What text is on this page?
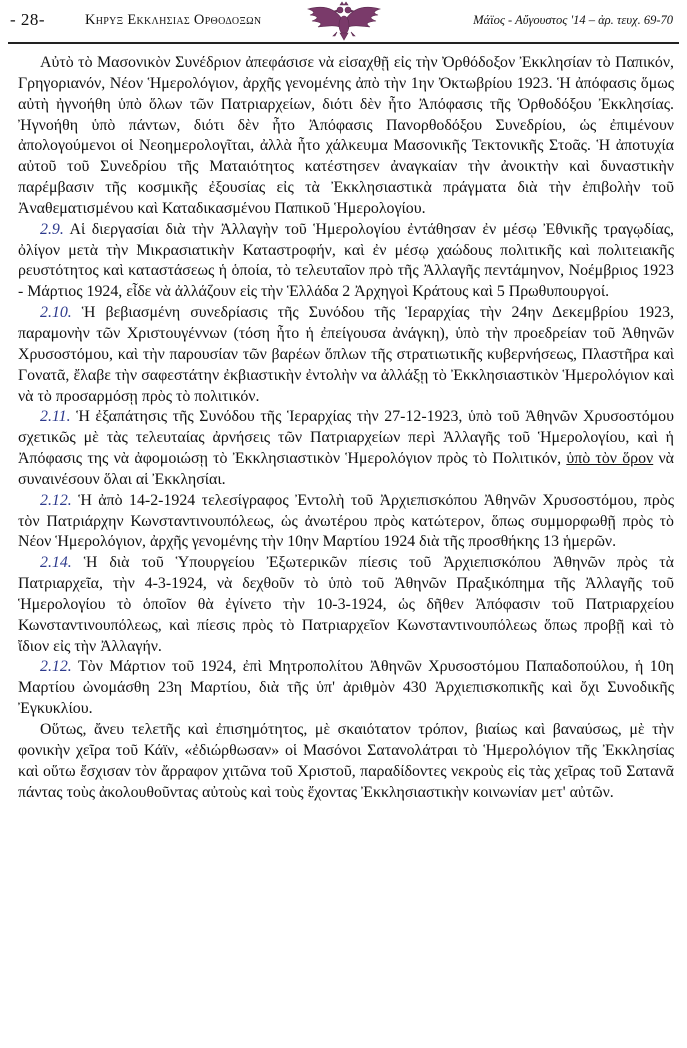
- 28-	Κηρυξ Εκκλησιας Ορθοδοξων	Μάϊος - Αὔγουστος '14 – ἀρ. τευχ. 69-70

Αὐτὸ τὸ Μασονικὸν Συνέδριον ἀπεφάσισε νὰ εἰσαχθῇ εἰς τὴν Ὀρθόδοξον Ἐκκλησίαν τὸ Παπικόν, Γρηγοριανόν, Νέον Ἡμερολόγιον, ἀρχῆς γενομένης ἀπὸ τὴν 1ην Ὀκτωβρίου 1923. Ἡ ἀπόφασις ὅμως αὐτὴ ἠγνοήθη ὑπὸ ὅλων τῶν Πατριαρχείων, διότι δὲν ἦτο Ἀπόφασις τῆς Ὀρθοδόξου Ἐκκλησίας. Ἠγνοήθη ὑπὸ πάντων, διότι δὲν ἦτο Ἀπόφασις Πανορθοδόξου Συνεδρίου, ὡς ἐπιμένουν ἀπολογούμενοι οἱ Νεοημερολογῖται, ἀλλὰ ἦτο χάλκευμα Μασονικῆς Τεκτονικῆς Στοᾶς. Ἡ ἀποτυχία αὐτοῦ τοῦ Συνεδρίου τῆς Ματαιότητος κατέστησεν ἀναγκαίαν τὴν ἀνοικτὴν καὶ δυναστικὴν παρέμβασιν τῆς κοσμικῆς ἐξουσίας εἰς τὰ Ἐκκλησιαστικὰ πράγματα διὰ τὴν ἐπιβολὴν τοῦ Ἀναθεματισμένου καὶ Καταδικασμένου Παπικοῦ Ἡμερολογίου.

2.9. Αἱ διεργασίαι διὰ τὴν Ἀλλαγὴν τοῦ Ἡμερολογίου ἐντάθησαν ἐν μέσῳ Ἐθνικῆς τραγῳδίας, ὀλίγον μετὰ τὴν Μικρασιατικὴν Καταστροφήν, καὶ ἐν μέσῳ χαώδους πολιτικῆς καὶ πολιτειακῆς ρευστότητος καὶ καταστάσεως ἡ ὁποία, τὸ τελευταῖον πρὸ τῆς Ἀλλαγῆς πεντάμηνον, Νοέμβριος 1923 - Μάρτιος 1924, εἶδε νὰ ἀλλάζουν εἰς τὴν Ἑλλάδα 2 Ἀρχηγοὶ Κράτους καὶ 5 Πρωθυπουργοί.

2.10. Ἡ βεβιασμένη συνεδρίασις τῆς Συνόδου τῆς Ἱεραρχίας τὴν 24ην Δεκεμβρίου 1923, παραμονὴν τῶν Χριστουγέννων (τόση ἦτο ἡ ἐπείγουσα ἀνάγκη), ὑπὸ τὴν προεδρείαν τοῦ Ἀθηνῶν Χρυσοστόμου, καὶ τὴν παρουσίαν τῶν βαρέων ὅπλων τῆς στρατιωτικῆς κυβερνήσεως, Πλαστῆρα καὶ Γονατᾶ, ἔλαβε τὴν σαφεστάτην ἐκβιαστικὴν ἐντολὴν να ἀλλάξῃ τὸ Ἐκκλησιαστικὸν Ἡμερολόγιον καὶ νὰ τὸ προσαρμόσῃ πρὸς τὸ πολιτικόν.

2.11. Ἡ ἐξαπάτησις τῆς Συνόδου τῆς Ἱεραρχίας τὴν 27-12-1923, ὑπὸ τοῦ Ἀθηνῶν Χρυσοστόμου σχετικῶς μὲ τὰς τελευταίας ἀρνήσεις τῶν Πατριαρχείων περὶ Ἀλλαγῆς τοῦ Ἡμερολογίου, καὶ ἡ Ἀπόφασις της νὰ ἀφομοιώσῃ τὸ Ἐκκλησιαστικὸν Ἡμερολόγιον πρὸς τὸ Πολιτικόν, ὑπὸ τὸν ὅρον νὰ συναινέσουν ὅλαι αἱ Ἐκκλησίαι.

2.12. Ἡ ἀπὸ 14-2-1924 τελεσίγραφος Ἐντολὴ τοῦ Ἀρχιεπισκόπου Ἀθηνῶν Χρυσοστόμου, πρὸς τὸν Πατριάρχην Κωνσταντινουπόλεως, ὡς ἀνωτέρου πρὸς κατώτερον, ὅπως συμμορφωθῇ πρὸς τὸ Νέον Ἡμερολόγιον, ἀρχῆς γενομένης τὴν 10ην Μαρτίου 1924 διὰ τῆς προσθήκης 13 ἡμερῶν.

2.14. Ἡ διὰ τοῦ Ὑπουργείου Ἐξωτερικῶν πίεσις τοῦ Ἀρχιεπισκόπου Ἀθηνῶν πρὸς τὰ Πατριαρχεῖα, τὴν 4-3-1924, νὰ δεχθοῦν τὸ ὑπὸ τοῦ Ἀθηνῶν Πραξικόπημα τῆς Ἀλλαγῆς τοῦ Ἡμερολογίου τὸ ὁποῖον θὰ ἐγίνετο τὴν 10-3-1924, ὡς δῆθεν Ἀπόφασιν τοῦ Πατριαρχείου Κωνσταντινουπόλεως, καὶ πίεσις πρὸς τὸ Πατριαρχεῖον Κωνσταντινουπόλεως ὅπως προβῇ καὶ τὸ ἴδιον εἰς τὴν Ἀλλαγήν.

2.12. Τὸν Μάρτιον τοῦ 1924, ἐπὶ Μητροπολίτου Ἀθηνῶν Χρυσοστόμου Παπαδοπούλου, ἡ 10η Μαρτίου ὠνομάσθη 23η Μαρτίου, διὰ τῆς ὑπ' ἀριθμὸν 430 Ἀρχιεπισκοπικῆς καὶ ὄχι Συνοδικῆς Ἐγκυκλίου.

Οὕτως, ἄνευ τελετῆς καὶ ἐπισημότητος, μὲ σκαιότατον τρόπον, βιαίως καὶ βαναύσως, μὲ τὴν φονικὴν χεῖρα τοῦ Κάϊν, «ἐδιώρθωσαν» οἱ Μασόνοι Σατανολάτραι τὸ Ἡμερολόγιον τῆς Ἐκκλησίας καὶ οὕτω ἔσχισαν τὸν ἄρραφον χιτῶνα τοῦ Χριστοῦ, παραδίδοντες νεκροὺς εἰς τὰς χεῖρας τοῦ Σατανᾶ πάντας τοὺς ἀκολουθοῦντας αὐτοὺς καὶ τοὺς ἔχοντας Ἐκκλησιαστικὴν κοινωνίαν μετ' αὐτῶν.
